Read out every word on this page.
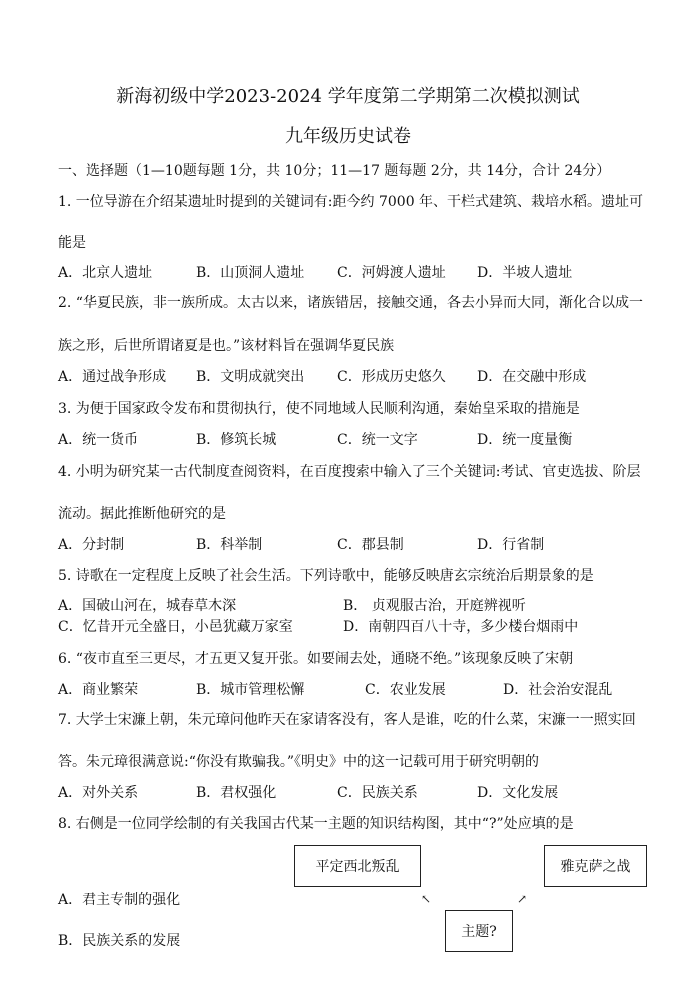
新海初级中学2023-2024 学年度第二学期第二次模拟测试
九年级历史试卷
一、选择题（1—10题每题 1分，共 10分；11—17 题每题 2分，共 14分，合计 24分）
1. 一位导游在介绍某遗址时提到的关键词有:距今约 7000 年、干栏式建筑、栽培水稻。遗址可
能是
A．北京人遗址	B．山顶洞人遗址 C．河姆渡人遗址 D．半坡人遗址
2. “华夏民族，非一族所成。太古以来，诸族错居，接触交通，各去小异而大同，渐化合以成一
族之形，后世所谓诸夏是也。”该材料旨在强调华夏民族
A．通过战争形成 B．文明成就突出 C．形成历史悠久 D．在交融中形成
3. 为便于国家政令发布和贯彻执行，使不同地域人民顺利沟通，秦始皇采取的措施是
A．统一货币	B．修筑长城	C．统一文字	D．统一度量衡
4. 小明为研究某一古代制度查阅资料，在百度搜索中输入了三个关键词:考试、官吏选拔、阶层
流动。据此推断他研究的是
A．分封制	B．科举制	C．郡县制	D．行省制
5. 诗歌在一定程度上反映了社会生活。下列诗歌中，能够反映唐玄宗统治后期景象的是
A．国破山河在，城春草木深	B． 贞观服古治，开庭辨视听
C．忆昔开元全盛日，小邑犹藏万家室	D．南朝四百八十寺，多少楼台烟雨中
6. “夜市直至三更尽，才五更又复开张。如要闹去处，通晓不绝。”该现象反映了宋朝
A．商业繁荣	B．城市管理松懈	C．农业发展	D．社会治安混乱
7. 大学士宋濂上朝，朱元璋问他昨天在家请客没有，客人是谁，吃的什么菜，宋濂一一照实回
答。朱元璋很满意说:“你没有欺骗我。”《明史》中的这一记载可用于研究明朝的
A．对外关系	B．君权强化	C．民族关系	D．文化发展
8. 右侧是一位同学绘制的有关我国古代某一主题的知识结构图，其中“?”处应填的是
A．君主专制的强化
B．民族关系的发展
平定西北叛乱	雅克萨之战
主题?
↖	↗
